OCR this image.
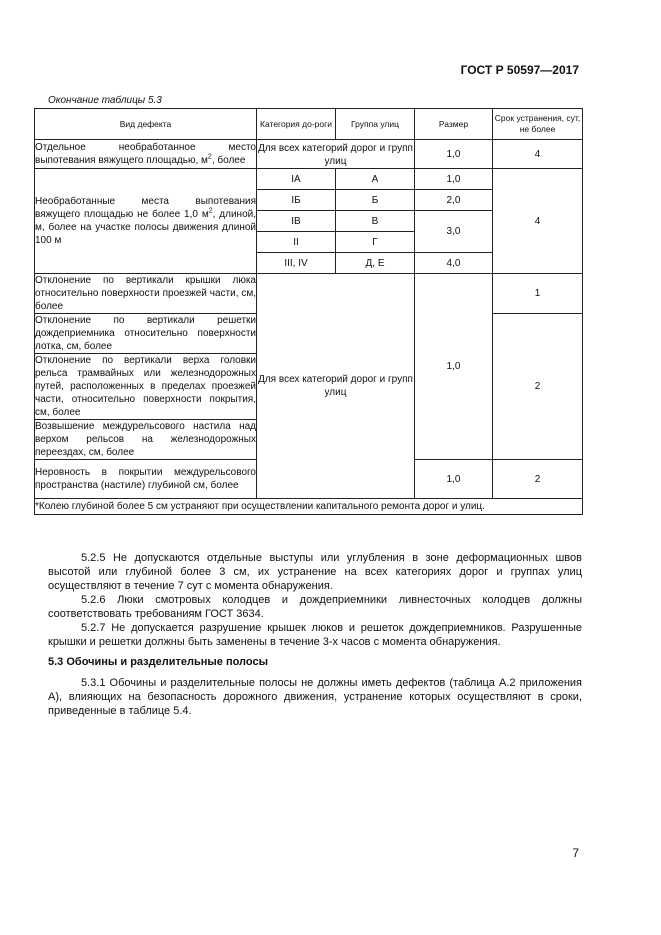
ГОСТ Р 50597—2017
Окончание таблицы 5.3
Вид дефекта	Категория до-роги	Группа улиц	Размер	Срок устранения, сут, не более
Отдельное необработанное место выпотевания вяжущего площадью, $м^2$, более	Для всех категорий дорог и групп улиц		1,0	4
Необработанные места выпотевания вяжущего площадью не более 1,0 $м^2$, длиной, м, более на участке полосы движения длиной 100 м	IA	А	1,0	4
	IБ	Б	2,0	
	IB	В	3,0	
	II	Г		
	III, IV	Д, Е	4,0	
Отклонение по вертикали крышки люка относительно поверхности проезжей части, см, более	Для всех категорий дорог и групп улиц		1,0	1
Отклонение по вертикали решетки дождеприемника относительно поверхности лотка, см, более				2
Отклонение по вертикали верха головки рельса трамвайных или железнодорожных путей, расположенных в пределах проезжей части, относительно поверхности покрытия, см, более				
Возвышение междурельсового настила над верхом рельсов на железнодорожных переездах, см, более				
Неровность в покрытии междурельсового пространства (настиле) глубиной см, более			1,0	2
*Колею глубиной более 5 см устраняют при осуществлении капитального ремонта дорог и улиц.				

5.2.5 Не допускаются отдельные выступы или углубления в зоне деформационных швов высотой или глубиной более 3 см, их устранение на всех категориях дорог и группах улиц осуществляют в течение 7 сут с момента обнаружения.

5.2.6 Люки смотровых колодцев и дождеприемники ливнесточных колодцев должны соответствовать требованиям ГОСТ 3634.

5.2.7 Не допускается разрушение крышек люков и решеток дождеприемников. Разрушенные крышки и решетки должны быть заменены в течение 3-х часов с момента обнаружения.

5.3 Обочины и разделительные полосы

5.3.1 Обочины и разделительные полосы не должны иметь дефектов (таблица А.2 приложения А), влияющих на безопасность дорожного движения, устранение которых осуществляют в сроки, приведенные в таблице 5.4.

7
